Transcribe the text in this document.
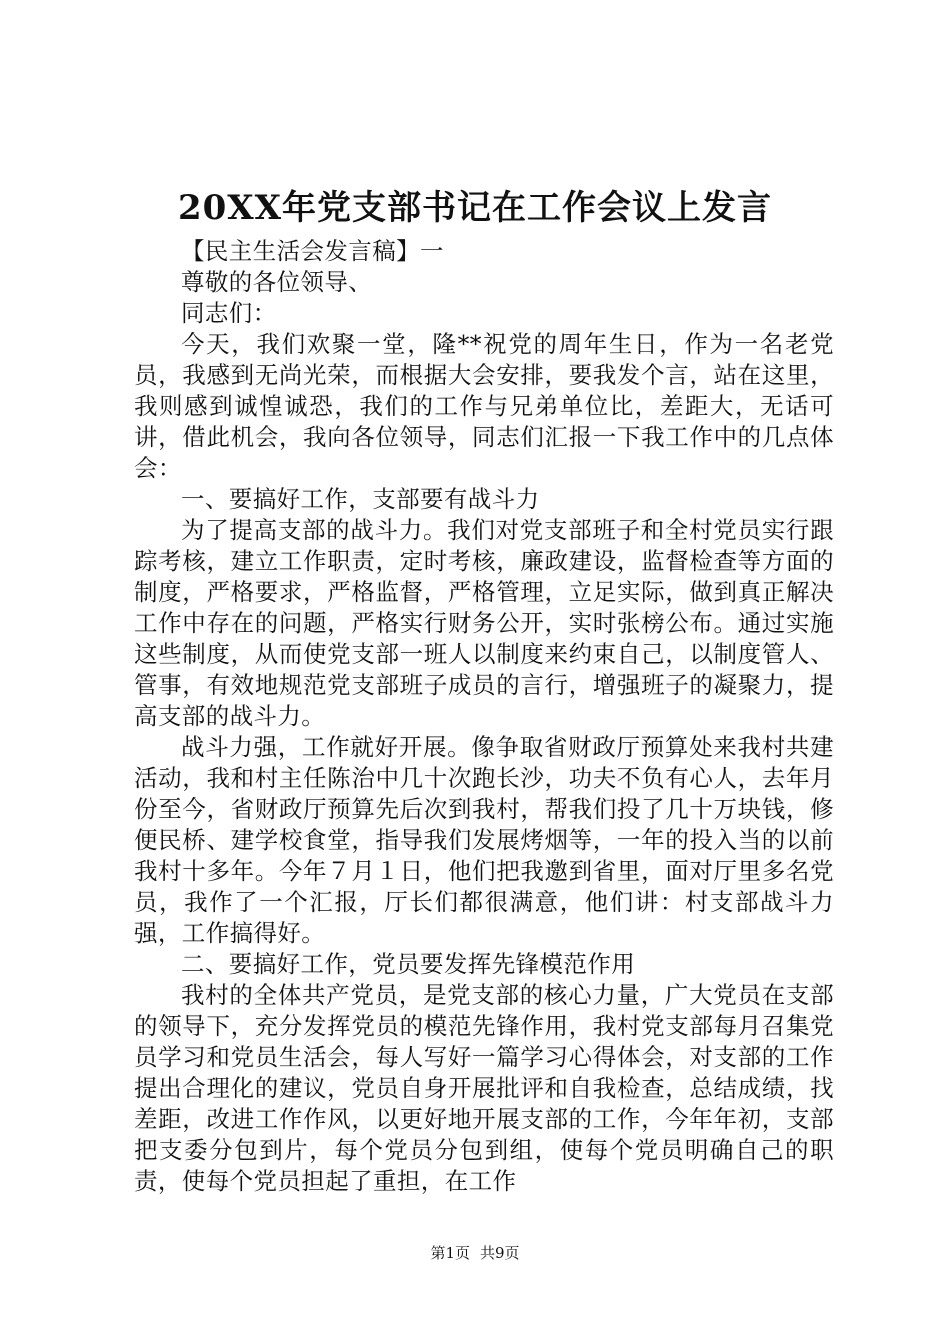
20XX年党支部书记在工作会议上发言

【民主生活会发言稿】一

尊敬的各位领导、

同志们：

今天，我们欢聚一堂，隆**祝党的周年生日，作为一名老党员，我感到无尚光荣，而根据大会安排，要我发个言，站在这里，我则感到诚惶诚恐，我们的工作与兄弟单位比，差距大，无话可讲，借此机会，我向各位领导，同志们汇报一下我工作中的几点体会：

一、要搞好工作，支部要有战斗力

为了提高支部的战斗力。我们对党支部班子和全村党员实行跟踪考核，建立工作职责，定时考核，廉政建设，监督检查等方面的制度，严格要求，严格监督，严格管理，立足实际，做到真正解决工作中存在的问题，严格实行财务公开，实时张榜公布。通过实施这些制度，从而使党支部一班人以制度来约束自己，以制度管人、管事，有效地规范党支部班子成员的言行，增强班子的凝聚力，提高支部的战斗力。

战斗力强，工作就好开展。像争取省财政厅预算处来我村共建活动，我和村主任陈治中几十次跑长沙，功夫不负有心人，去年月份至今，省财政厅预算先后次到我村，帮我们投了几十万块钱，修便民桥、建学校食堂，指导我们发展烤烟等，一年的投入当的以前我村十多年。今年７月１日，他们把我邀到省里，面对厅里多名党员，我作了一个汇报，厅长们都很满意，他们讲：村支部战斗力强，工作搞得好。

二、要搞好工作，党员要发挥先锋模范作用

我村的全体共产党员，是党支部的核心力量，广大党员在支部的领导下，充分发挥党员的模范先锋作用，我村党支部每月召集党员学习和党员生活会，每人写好一篇学习心得体会，对支部的工作提出合理化的建议，党员自身开展批评和自我检查，总结成绩，找差距，改进工作作风，以更好地开展支部的工作，今年年初，支部把支委分包到片，每个党员分包到组，使每个党员明确自己的职责，使每个党员担起了重担，在工作

第1页 共9页
